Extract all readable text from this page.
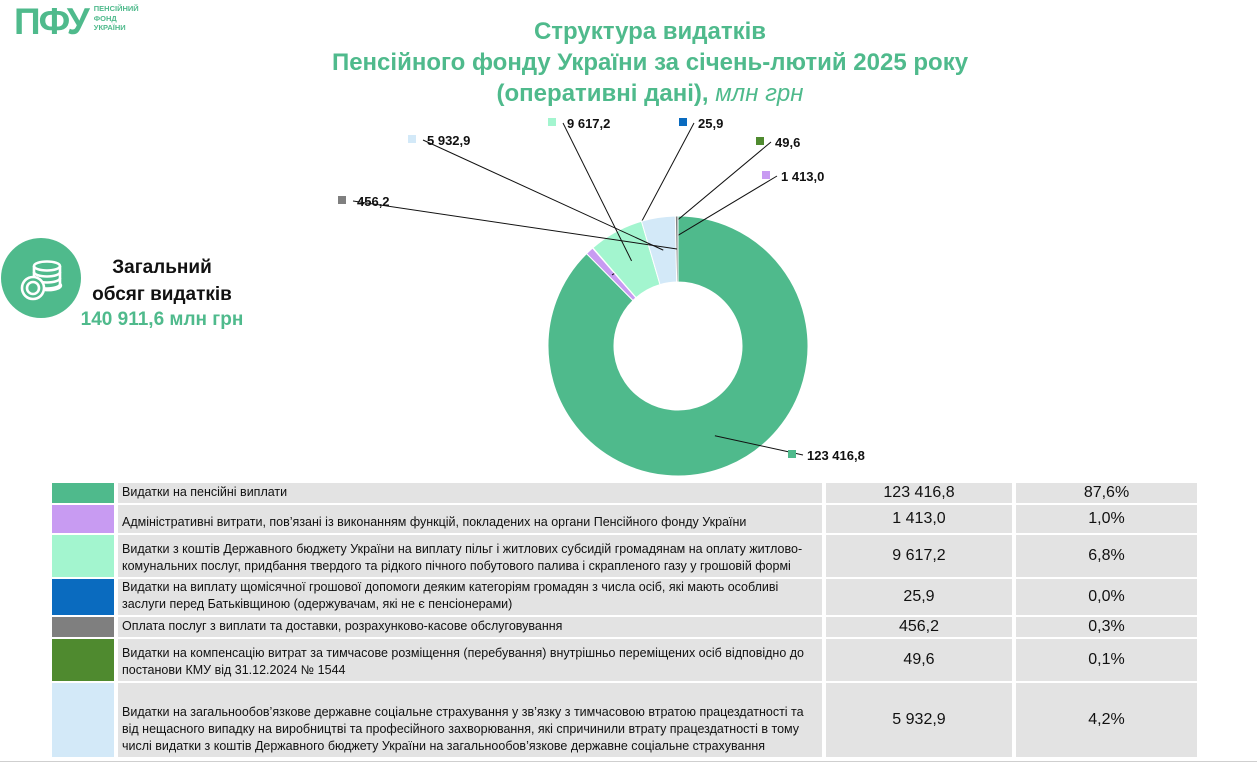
ПФУ ПЕНСІЙНИЙ
ФОНД
УКРАЇНИ	Структура видатків
Пенсійного фонду України за січень-лютий 2025 року
(оперативні дані), млн грн
Загальний
обсяг видатків
140 911,6 млн грн
123 416,8
1 413,0
49,6
25,9
9 617,2
5 932,9
456,2
	Видатки на пенсійні виплати	123 416,8	87,6%
	Адміністративні витрати, пов’язані із виконанням функцій, покладених на органи Пенсійного фонду України	1 413,0	1,0%
	Видатки з коштів Державного бюджету України на виплату пільг і житлових субсидій громадянам на оплату житлово-комунальних послуг, придбання твердого та рідкого пічного побутового палива і скрапленого газу у грошовій формі	9 617,2	6,8%
	Видатки на виплату щомісячної грошової допомоги деяким категоріям громадян з числа осіб, які мають особливі заслуги перед Батьківщиною (одержувачам, які не є пенсіонерами)	25,9	0,0%
	Оплата послуг з виплати та доставки, розрахунково-касове обслуговування	456,2	0,3%
	Видатки на компенсацію витрат за тимчасове розміщення (перебування) внутрішньо переміщених осіб відповідно до постанови КМУ від 31.12.2024 № 1544	49,6	0,1%
	Видатки на загальнообов’язкове державне соціальне страхування у зв’язку з тимчасовою втратою працездатності та від нещасного випадку на виробництві та професійного захворювання, які спричинили втрату працездатності в тому числі видатки з коштів Державного бюджету України на загальнообов’язкове державне соціальне страхування	5 932,9	4,2%
